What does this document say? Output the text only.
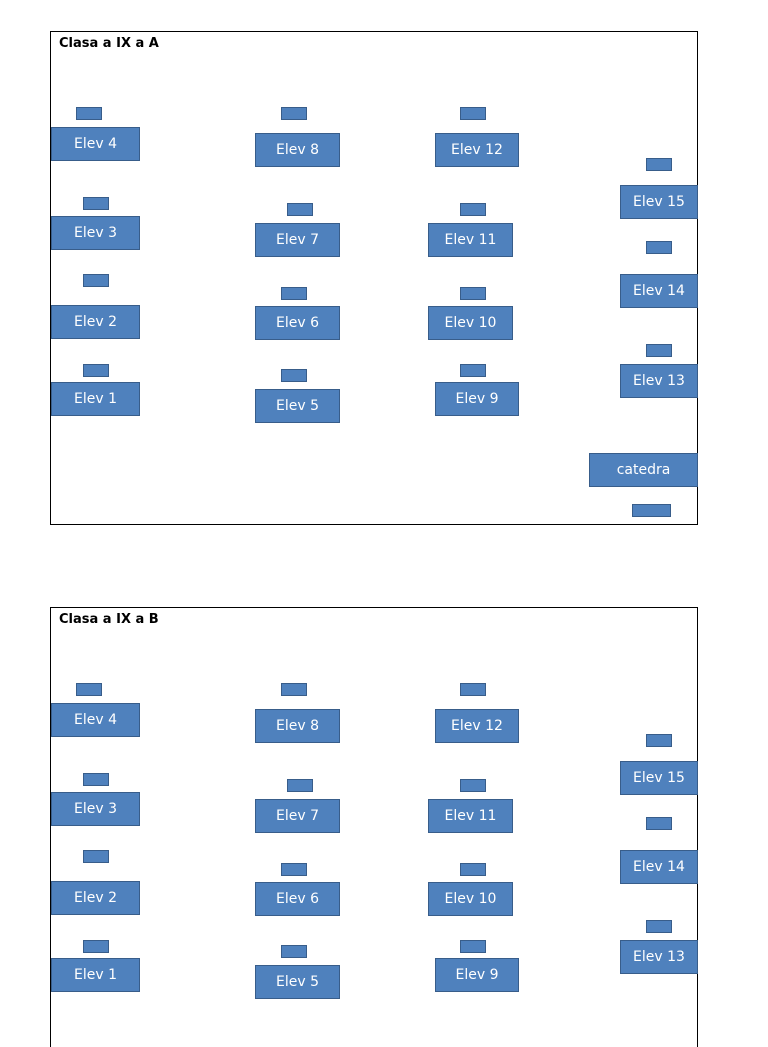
Clasa a IX a A
Elev 1
Elev 2
Elev 3
Elev 4
Elev 5
Elev 6
Elev 7
Elev 8
Elev 9
Elev 10
Elev 11
Elev 12
Elev 13
Elev 14
Elev 15
catedra
Clasa a IX a B
Elev 1
Elev 2
Elev 3
Elev 4
Elev 5
Elev 6
Elev 7
Elev 8
Elev 9
Elev 10
Elev 11
Elev 12
Elev 13
Elev 14
Elev 15
